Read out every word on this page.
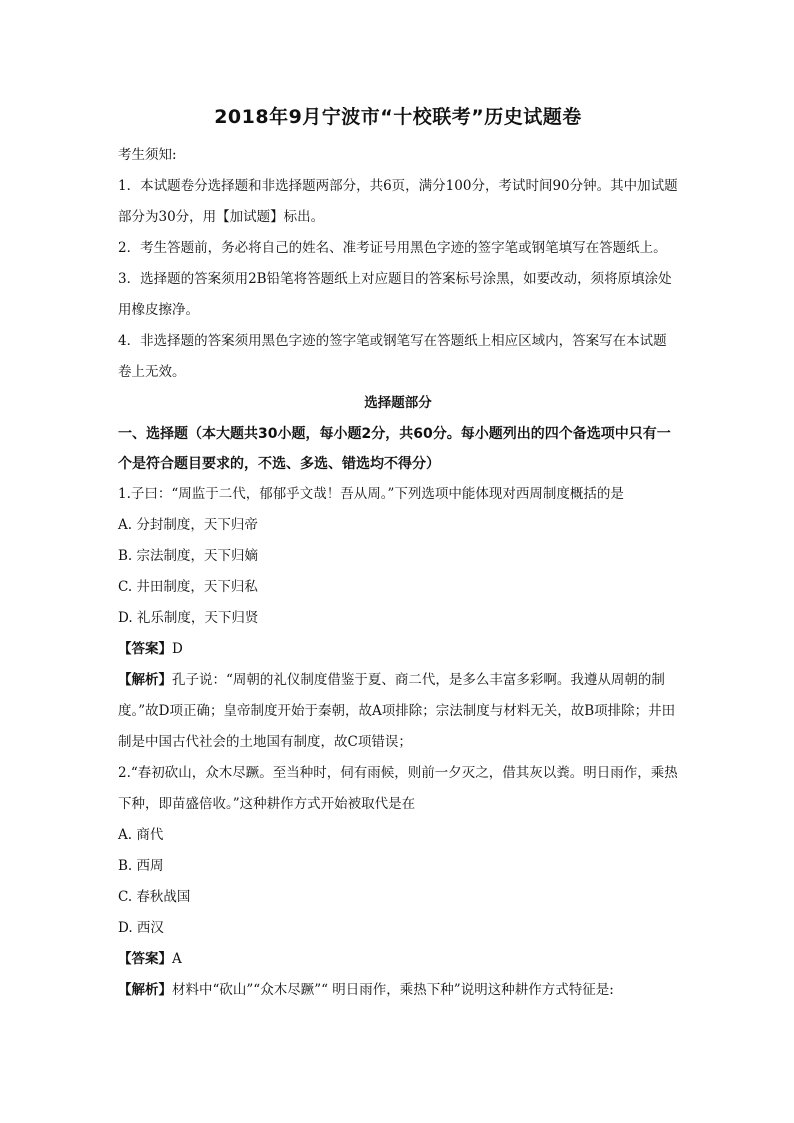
2018年9月宁波市“十校联考”历史试题卷
考生须知:
1．本试题卷分选择题和非选择题两部分，共6页，满分100分，考试时间90分钟。其中加试题部分为30分，用【加试题】标出。
2．考生答题前，务必将自己的姓名、准考证号用黑色字迹的签字笔或钢笔填写在答题纸上。
3．选择题的答案须用2B铅笔将答题纸上对应题目的答案标号涂黑，如要改动，须将原填涂处用橡皮擦净。
4．非选择题的答案须用黑色字迹的签字笔或钢笔写在答题纸上相应区域内，答案写在本试题卷上无效。
选择题部分
一、选择题（本大题共30小题，每小题2分，共60分。每小题列出的四个备选项中只有一个是符合题目要求的，不选、多选、错选均不得分）
1.子曰：“周监于二代，郁郁乎文哉！吾从周。”下列选项中能体现对西周制度概括的是
A. 分封制度，天下归帝
B. 宗法制度，天下归嫡
C. 井田制度，天下归私
D. 礼乐制度，天下归贤
【答案】D
【解析】孔子说：“周朝的礼仪制度借鉴于夏、商二代，是多么丰富多彩啊。我遵从周朝的制度。”故D项正确；皇帝制度开始于秦朝，故A项排除；宗法制度与材料无关，故B项排除；井田制是中国古代社会的土地国有制度，故C项错误；
2.“春初砍山，众木尽蹶。至当种时，伺有雨候，则前一夕灭之，借其灰以粪。明日雨作，乘热下种，即苗盛倍收。”这种耕作方式开始被取代是在
A. 商代
B. 西周
C. 春秋战国
D. 西汉
【答案】A
【解析】材料中“砍山”“众木尽蹶”“ 明日雨作，乘热下种”说明这种耕作方式特征是:
